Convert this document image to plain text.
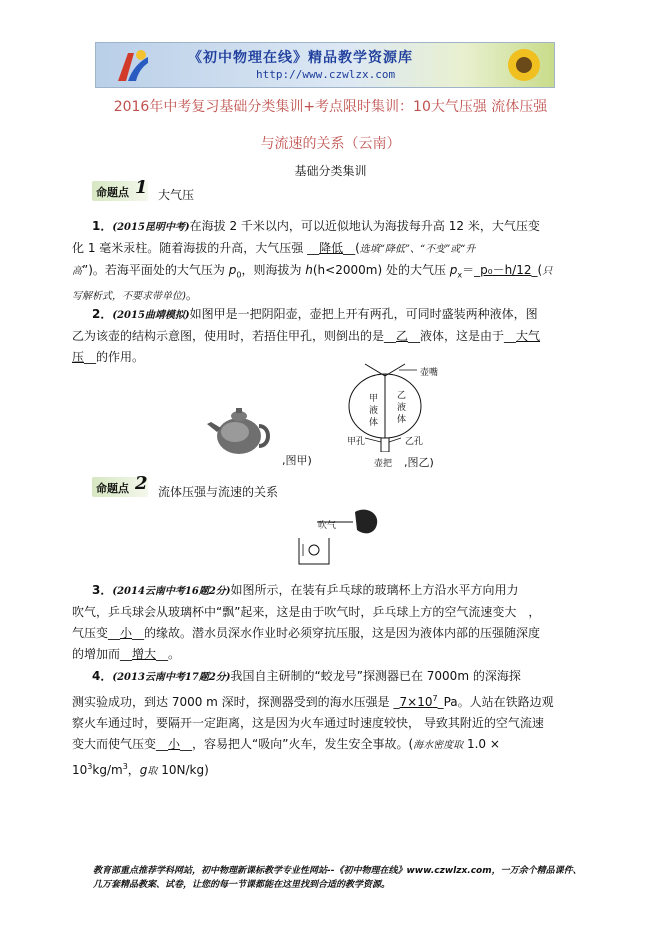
《初中物理在线》精品教学资源库
http://www.czwlzx.com
2016年中考复习基础分类集训+考点限时集训：10大气压强 流体压强
与流速的关系（云南）
基础分类集训
命题点 1 大气压
1．(2015昆明中考)在海拔 2 千米以内，可以近似地认为海拔每升高 12 米，大气压变
化 1 毫米汞柱。随着海拔的升高，大气压强 __降低__(选填“降低”、“不变”或“升
高”)。若海平面处的大气压为 $p_0$，则海拔为 h(h<2000m) 处的大气压 $p_x=\_p_0-h/12\_$(只
写解析式，不要求带单位)。
2．(2015曲靖模拟)如图甲是一把阴阳壶，壶把上开有两孔，可同时盛装两种液体，图
乙为该壶的结构示意图，使用时，若捂住甲孔，则倒出的是__乙__液体，这是由于__大气
压__的作用。
,图甲)
壶嘴
甲液体
乙液体
甲孔	乙孔
壶把 ,图乙)
命题点 2 流体压强与流速的关系
吹气
3．(2014云南中考16题2分)如图所示，在装有乒乓球的玻璃杯上方沿水平方向用力
吹气，乒乓球会从玻璃杯中“飘”起来，这是由于吹气时，乒乓球上方的空气流速变大　，
气压变__小__的缘故。潜水员深水作业时必须穿抗压服，这是因为液体内部的压强随深度
的增加而__增大__。
4．(2013云南中考17题2分)我国自主研制的“蛟龙号”探测器已在 7000m 的深海探
测实验成功，到达 7000 m 深时，探测器受到的海水压强是 $\_7\times 10^7\_Pa$。人站在铁路边观
察火车通过时，要隔开一定距离，这是因为火车通过时速度较快， 导致其附近的空气流速
变大而使气压变__小__，容易把人“吸向”火车，发生安全事故。(海水密度取 1.0 ×
$10^3kg/m^3$，g取 10N/kg)
教育部重点推荐学科网站，初中物理新课标教学专业性网站--《初中物理在线》www.czwlzx.com，一万余个精品课件、
几万套精品教案、试卷，让您的每一节课都能在这里找到合适的教学资源。
